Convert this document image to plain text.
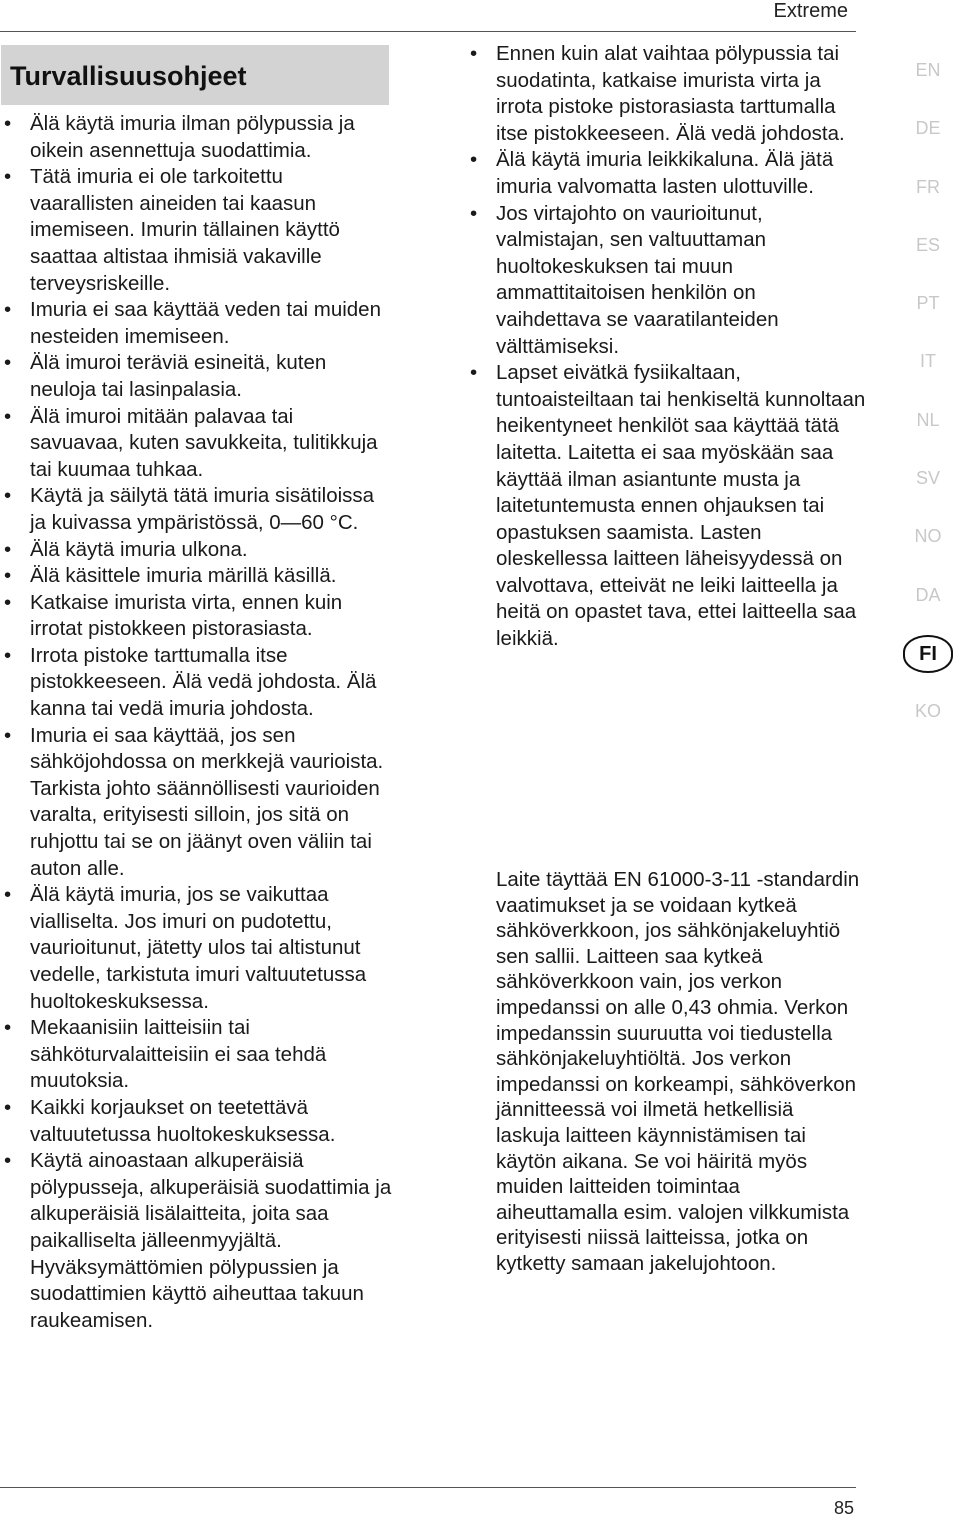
Extreme
Turvallisuusohjeet
• Älä käytä imuria ilman pölypussia ja oikein asennettuja suodattimia.
• Tätä imuria ei ole tarkoitettu vaarallisten aineiden tai kaasun imemiseen. Imurin tällainen käyttö saattaa altistaa ihmisiä vakaville terveysriskeille.
• Imuria ei saa käyttää veden tai muiden nesteiden imemiseen.
• Älä imuroi teräviä esineitä, kuten neuloja tai lasinpalasia.
• Älä imuroi mitään palavaa tai savuavaa, kuten savukkeita, tulitikkuja tai kuumaa tuhkaa.
• Käytä ja säilytä tätä imuria sisätiloissa ja kuivassa ympäristössä, 0—60 °C.
• Älä käytä imuria ulkona.
• Älä käsittele imuria märillä käsillä.
• Katkaise imurista virta, ennen kuin irrotat pistokkeen pistorasiasta.
• Irrota pistoke tarttumalla itse pistokkeeseen. Älä vedä johdosta. Älä kanna tai vedä imuria johdosta.
• Imuria ei saa käyttää, jos sen sähköjohdossa on merkkejä vaurioista. Tarkista johto säännöllisesti vaurioiden varalta, erityisesti silloin, jos sitä on ruhjottu tai se on jäänyt oven väliin tai auton alle.
• Älä käytä imuria, jos se vaikuttaa vialliselta. Jos imuri on pudotettu, vaurioitunut, jätetty ulos tai altistunut vedelle, tarkistuta imuri valtuutetussa huoltokeskuksessa.
• Mekaanisiin laitteisiin tai sähköturvalaitteisiin ei saa tehdä muutoksia.
• Kaikki korjaukset on teetettävä valtuutetussa huoltokeskuksessa.
• Käytä ainoastaan alkuperäisiä pölypusseja, alkuperäisiä suodattimia ja alkuperäisiä lisälaitteita, joita saa paikalliselta jälleenmyyjältä. Hyväksymättömien pölypussien ja suodattimien käyttö aiheuttaa takuun raukeamisen.
• Ennen kuin alat vaihtaa pölypussia tai suodatinta, katkaise imurista virta ja irrota pistoke pistorasiasta tarttumalla itse pistokkeeseen. Älä vedä johdosta.
• Älä käytä imuria leikkikaluna. Älä jätä imuria valvomatta lasten ulottuville.
• Jos virtajohto on vaurioitunut, valmistajan, sen valtuuttaman huoltokeskuksen tai muun ammattitaitoisen henkilön on vaihdettava se vaaratilanteiden välttämiseksi.
• Lapset eivätkä fysiikaltaan, tuntoaisteiltaan tai henkiseltä kunnoltaan heikentyneet henkilöt saa käyttää tätä laitetta. Laitetta ei saa myöskään saa käyttää ilman asiantunte musta ja laitetuntemusta ennen ohjauksen tai opastuksen saamista. Lasten oleskellessa laitteen läheisyydessä on valvottava, etteivät ne leiki laitteella ja heitä on opastet tava, ettei laitteella saa leikkiä.

Laite täyttää EN 61000-3-11 -standardin vaatimukset ja se voidaan kytkeä sähköverkkoon, jos sähkönjakeluyhtiö sen sallii. Laitteen saa kytkeä sähköverkkoon vain, jos verkon impedanssi on alle 0,43 ohmia. Verkon impedanssin suuruutta voi tiedustella sähkönjakeluyhtiöltä. Jos verkon impedanssi on korkeampi, sähköverkon jännitteessä voi ilmetä hetkellisiä laskuja laitteen käynnistämisen tai käytön aikana. Se voi häiritä myös muiden laitteiden toimintaa aiheuttamalla esim. valojen vilkkumista erityisesti niissä laitteissa, jotka on kytketty samaan jakelujohtoon.

EN
DE
FR
ES
PT
IT
NL
SV
NO
DA
FI
KO
85
